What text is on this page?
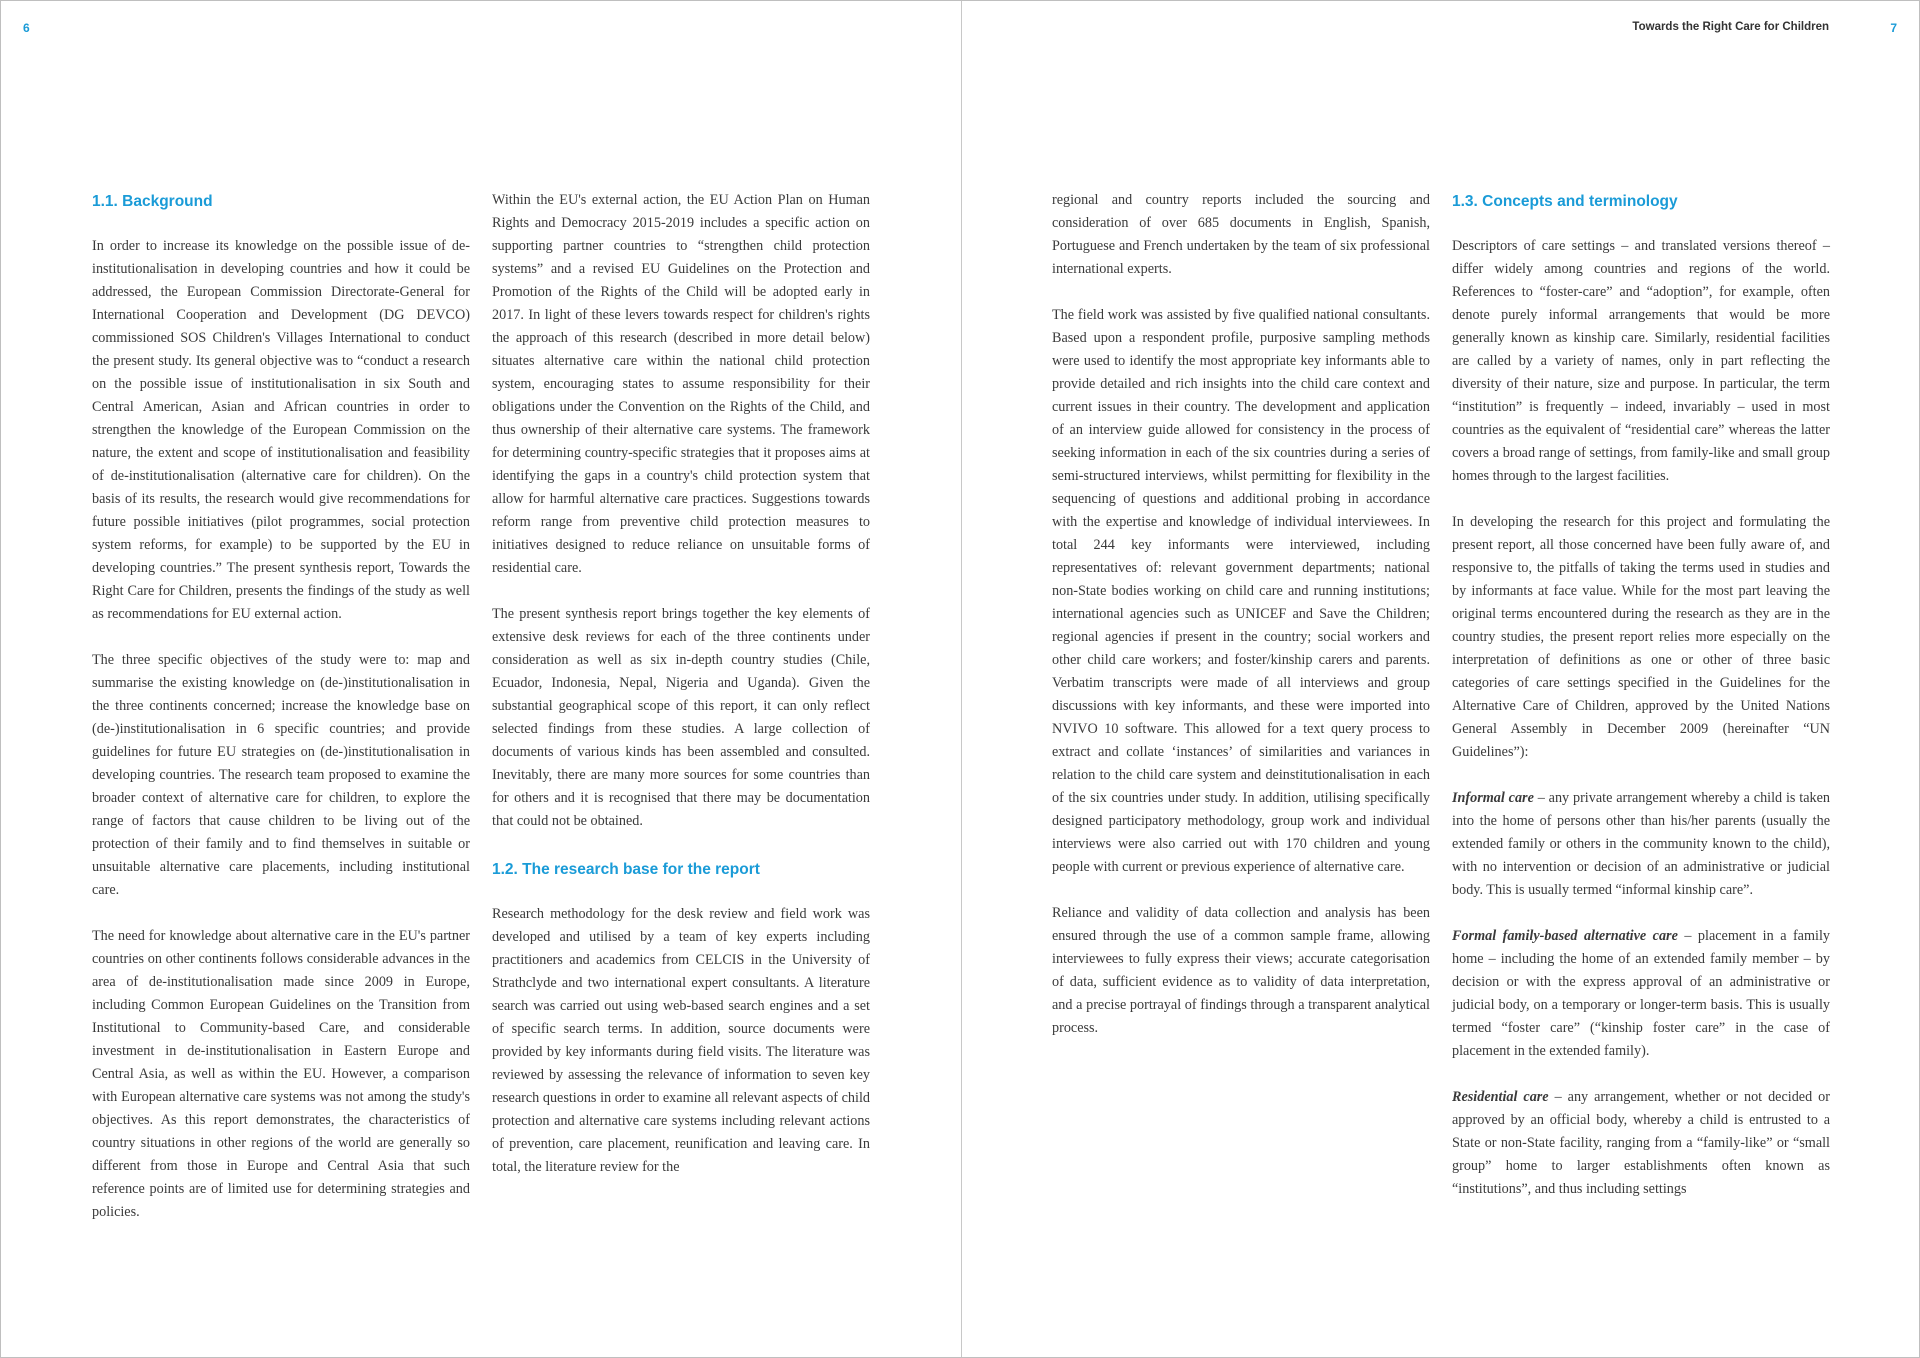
6
1.1. Background

In order to increase its knowledge on the possible issue of de-institutionalisation in developing countries and how it could be addressed, the European Commission Directorate-General for International Cooperation and Development (DG DEVCO) commissioned SOS Children's Villages International to conduct the present study. Its general objective was to “conduct a research on the possible issue of institutionalisation in six South and Central American, Asian and African countries in order to strengthen the knowledge of the European Commission on the nature, the extent and scope of institutionalisation and feasibility of de-institutionalisation (alternative care for children). On the basis of its results, the research would give recommendations for future possible initiatives (pilot programmes, social protection system reforms, for example) to be supported by the EU in developing countries.” The present synthesis report, Towards the Right Care for Children, presents the findings of the study as well as recommendations for EU external action.

The three specific objectives of the study were to: map and summarise the existing knowledge on (de-)institutionalisation in the three continents concerned; increase the knowledge base on (de-)institutionalisation in 6 specific countries; and provide guidelines for future EU strategies on (de-)institutionalisation in developing countries. The research team proposed to examine the broader context of alternative care for children, to explore the range of factors that cause children to be living out of the protection of their family and to find themselves in suitable or unsuitable alternative care placements, including institutional care.

The need for knowledge about alternative care in the EU's partner countries on other continents follows considerable advances in the area of de-institutionalisation made since 2009 in Europe, including Common European Guidelines on the Transition from Institutional to Community-based Care, and considerable investment in de-institutionalisation in Eastern Europe and Central Asia, as well as within the EU. However, a comparison with European alternative care systems was not among the study's objectives. As this report demonstrates, the characteristics of country situations in other regions of the world are generally so different from those in Europe and Central Asia that such reference points are of limited use for determining strategies and policies.

Within the EU's external action, the EU Action Plan on Human Rights and Democracy 2015-2019 includes a specific action on supporting partner countries to “strengthen child protection systems” and a revised EU Guidelines on the Protection and Promotion of the Rights of the Child will be adopted early in 2017. In light of these levers towards respect for children's rights the approach of this research (described in more detail below) situates alternative care within the national child protection system, encouraging states to assume responsibility for their obligations under the Convention on the Rights of the Child, and thus ownership of their alternative care systems. The framework for determining country-specific strategies that it proposes aims at identifying the gaps in a country's child protection system that allow for harmful alternative care practices. Suggestions towards reform range from preventive child protection measures to initiatives designed to reduce reliance on unsuitable forms of residential care.

The present synthesis report brings together the key elements of extensive desk reviews for each of the three continents under consideration as well as six in-depth country studies (Chile, Ecuador, Indonesia, Nepal, Nigeria and Uganda). Given the substantial geographical scope of this report, it can only reflect selected findings from these studies. A large collection of documents of various kinds has been assembled and consulted. Inevitably, there are many more sources for some countries than for others and it is recognised that there may be documentation that could not be obtained.

1.2. The research base for the report

Research methodology for the desk review and field work was developed and utilised by a team of key experts including practitioners and academics from CELCIS in the University of Strathclyde and two international expert consultants. A literature search was carried out using web-based search engines and a set of specific search terms. In addition, source documents were provided by key informants during field visits. The literature was reviewed by assessing the relevance of information to seven key research questions in order to examine all relevant aspects of child protection and alternative care systems including relevant actions of prevention, care placement, reunification and leaving care. In total, the literature review for the

Towards the Right Care for Children	7

regional and country reports included the sourcing and consideration of over 685 documents in English, Spanish, Portuguese and French undertaken by the team of six professional international experts.

The field work was assisted by five qualified national consultants. Based upon a respondent profile, purposive sampling methods were used to identify the most appropriate key informants able to provide detailed and rich insights into the child care context and current issues in their country. The development and application of an interview guide allowed for consistency in the process of seeking information in each of the six countries during a series of semi-structured interviews, whilst permitting for flexibility in the sequencing of questions and additional probing in accordance with the expertise and knowledge of individual interviewees. In total 244 key informants were interviewed, including representatives of: relevant government departments; national non-State bodies working on child care and running institutions; international agencies such as UNICEF and Save the Children; regional agencies if present in the country; social workers and other child care workers; and foster/kinship carers and parents. Verbatim transcripts were made of all interviews and group discussions with key informants, and these were imported into NVIVO 10 software. This allowed for a text query process to extract and collate ‘instances’ of similarities and variances in relation to the child care system and deinstitutionalisation in each of the six countries under study. In addition, utilising specifically designed participatory methodology, group work and individual interviews were also carried out with 170 children and young people with current or previous experience of alternative care.

Reliance and validity of data collection and analysis has been ensured through the use of a common sample frame, allowing interviewees to fully express their views; accurate categorisation of data, sufficient evidence as to validity of data interpretation, and a precise portrayal of findings through a transparent analytical process.

1.3. Concepts and terminology

Descriptors of care settings – and translated versions thereof – differ widely among countries and regions of the world. References to “foster-care” and “adoption”, for example, often denote purely informal arrangements that would be more generally known as kinship care. Similarly, residential facilities are called by a variety of names, only in part reflecting the diversity of their nature, size and purpose. In particular, the term “institution” is frequently – indeed, invariably – used in most countries as the equivalent of “residential care” whereas the latter covers a broad range of settings, from family-like and small group homes through to the largest facilities.

In developing the research for this project and formulating the present report, all those concerned have been fully aware of, and responsive to, the pitfalls of taking the terms used in studies and by informants at face value. While for the most part leaving the original terms encountered during the research as they are in the country studies, the present report relies more especially on the interpretation of definitions as one or other of three basic categories of care settings specified in the Guidelines for the Alternative Care of Children, approved by the United Nations General Assembly in December 2009 (hereinafter “UN Guidelines”):

Informal care – any private arrangement whereby a child is taken into the home of persons other than his/her parents (usually the extended family or others in the community known to the child), with no intervention or decision of an administrative or judicial body. This is usually termed “informal kinship care”.

Formal family-based alternative care – placement in a family home – including the home of an extended family member – by decision or with the express approval of an administrative or judicial body, on a temporary or longer-term basis. This is usually termed “foster care” (“kinship foster care” in the case of placement in the extended family).

Residential care – any arrangement, whether or not decided or approved by an official body, whereby a child is entrusted to a State or non-State facility, ranging from a “family-like” or “small group” home to larger establishments often known as “institutions”, and thus including settings
